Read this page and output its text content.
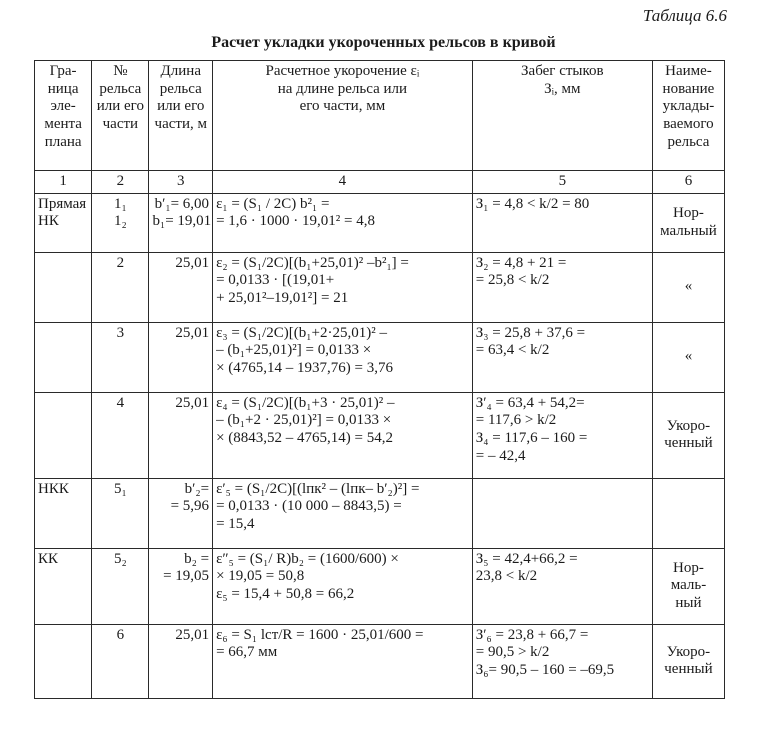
Таблица 6.6
Расчет укладки укороченных рельсов в кривой
Гра-
ница
эле-
мента
плана	№
рельса
или его
части	Длина
рельса
или его
части, м	Расчетное укорочение εᵢ
на длине рельса или
его части, мм	Забег стыков
Зᵢ, мм	Наиме-
нование
уклады-
ваемого
рельса

1	2	3	4	5	6

Прямая
НК	1₁
1₂	b′₁= 6,00
b₁= 19,01	ε₁ = (S₁ / 2C) b²₁ =
= 1,6 · 1000 · 19,01² = 4,8	З₁ = 4,8 < k/2 = 80	Нор-
мальный

	2	25,01	ε₂ = (S₁/2C)[(b₁+25,01)² –b²₁] =
= 0,0133 · [(19,01+
+ 25,01²–19,01²] = 21	З₂ = 4,8 + 21 =
= 25,8 < k/2	«

	3	25,01	ε₃ = (S₁/2C)[(b₁+2·25,01)² –
– (b₁+25,01)²] = 0,0133 ×
× (4765,14 – 1937,76) = 3,76	З₃ = 25,8 + 37,6 =
= 63,4 < k/2	«

	4	25,01	ε₄ = (S₁/2C)[(b₁+3 · 25,01)² –
– (b₁+2 · 25,01)²] = 0,0133 ×
× (8843,52 – 4765,14) = 54,2	З′₄ = 63,4 + 54,2=
= 117,6 > k/2
З₄ = 117,6 – 160 =
= – 42,4	Укоро-
ченный

НКК	5₁	b′₂=
= 5,96	ε′₅ = (S₁/2C)[(lпк² – (lпк– b′₂)²] =
= 0,0133 · (10 000 – 8843,5) =
= 15,4		

КК	5₂	b₂ =
= 19,05	ε″₅ = (S₁/ R)b₂ = (1600/600) ×
× 19,05 = 50,8
ε₅ = 15,4 + 50,8 = 66,2	З₅ = 42,4+66,2 =
23,8 < k/2	Нор-
маль-
ный

	6	25,01	ε₆ = S₁ lст/R = 1600 · 25,01/600 =
= 66,7 мм	З′₆ = 23,8 + 66,7 =
= 90,5 > k/2
З₆= 90,5 – 160 = –69,5	Укоро-
ченный
